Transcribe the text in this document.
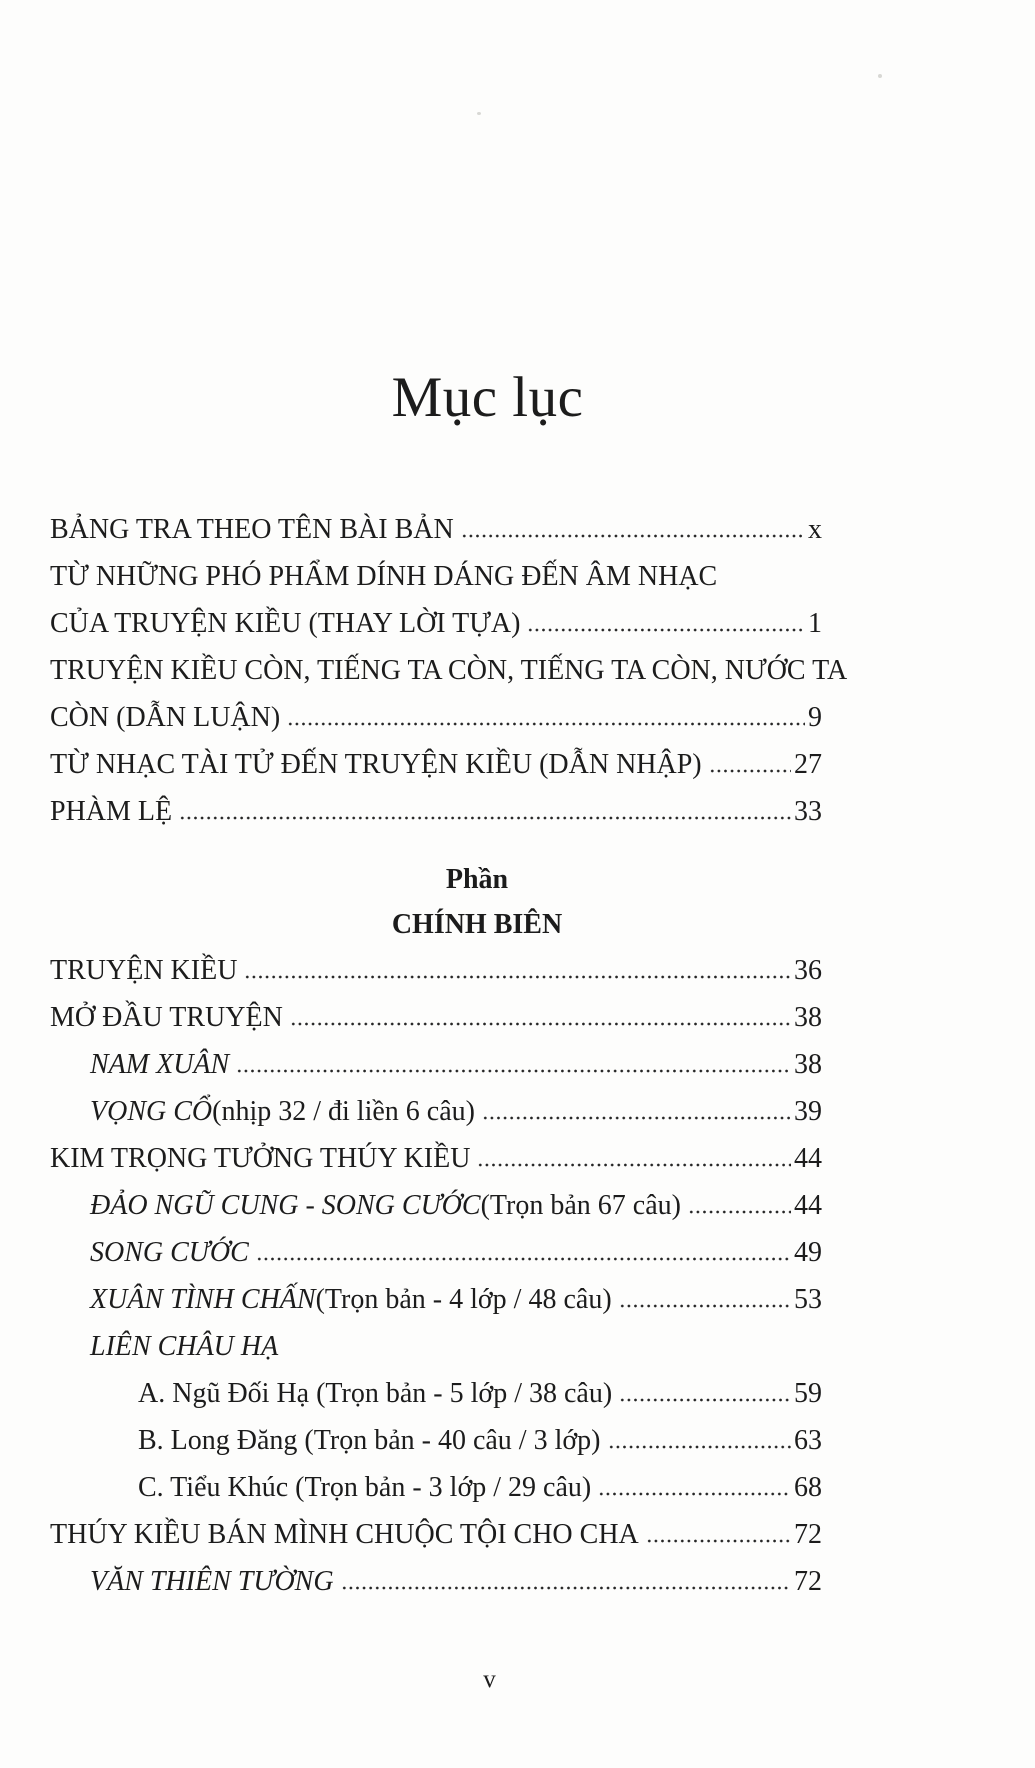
Mục lục
BẢNG TRA THEO TÊN BÀI BẢN	x
TỪ NHỮNG PHÓ PHẨM DÍNH DÁNG ĐẾN ÂM NHẠC
CỦA TRUYỆN KIỀU (THAY LỜI TỰA)	1
TRUYỆN KIỀU CÒN, TIẾNG TA CÒN, TIẾNG TA CÒN, NƯỚC TA
CÒN (DẪN LUẬN)	9
TỪ NHẠC TÀI TỬ ĐẾN TRUYỆN KIỀU (DẪN NHẬP)	27
PHÀM LỆ	33
Phần
CHÍNH BIÊN
TRUYỆN KIỀU	36
MỞ ĐẦU TRUYỆN	38
NAM XUÂN	38
VỌNG CỔ (nhịp 32 / đi liền 6 câu)	39
KIM TRỌNG TƯỞNG THÚY KIỀU	44
ĐẢO NGŨ CUNG - SONG CƯỚC (Trọn bản 67 câu)	44
SONG CƯỚC	49
XUÂN TÌNH CHẤN (Trọn bản - 4 lớp / 48 câu)	53
LIÊN CHÂU HẠ
A. Ngũ Đối Hạ (Trọn bản - 5 lớp / 38 câu)	59
B. Long Đăng (Trọn bản - 40 câu / 3 lớp)	63
C. Tiểu Khúc (Trọn bản - 3 lớp / 29 câu)	68
THÚY KIỀU BÁN MÌNH CHUỘC TỘI CHO CHA	72
VĂN THIÊN TƯỜNG	72
v
